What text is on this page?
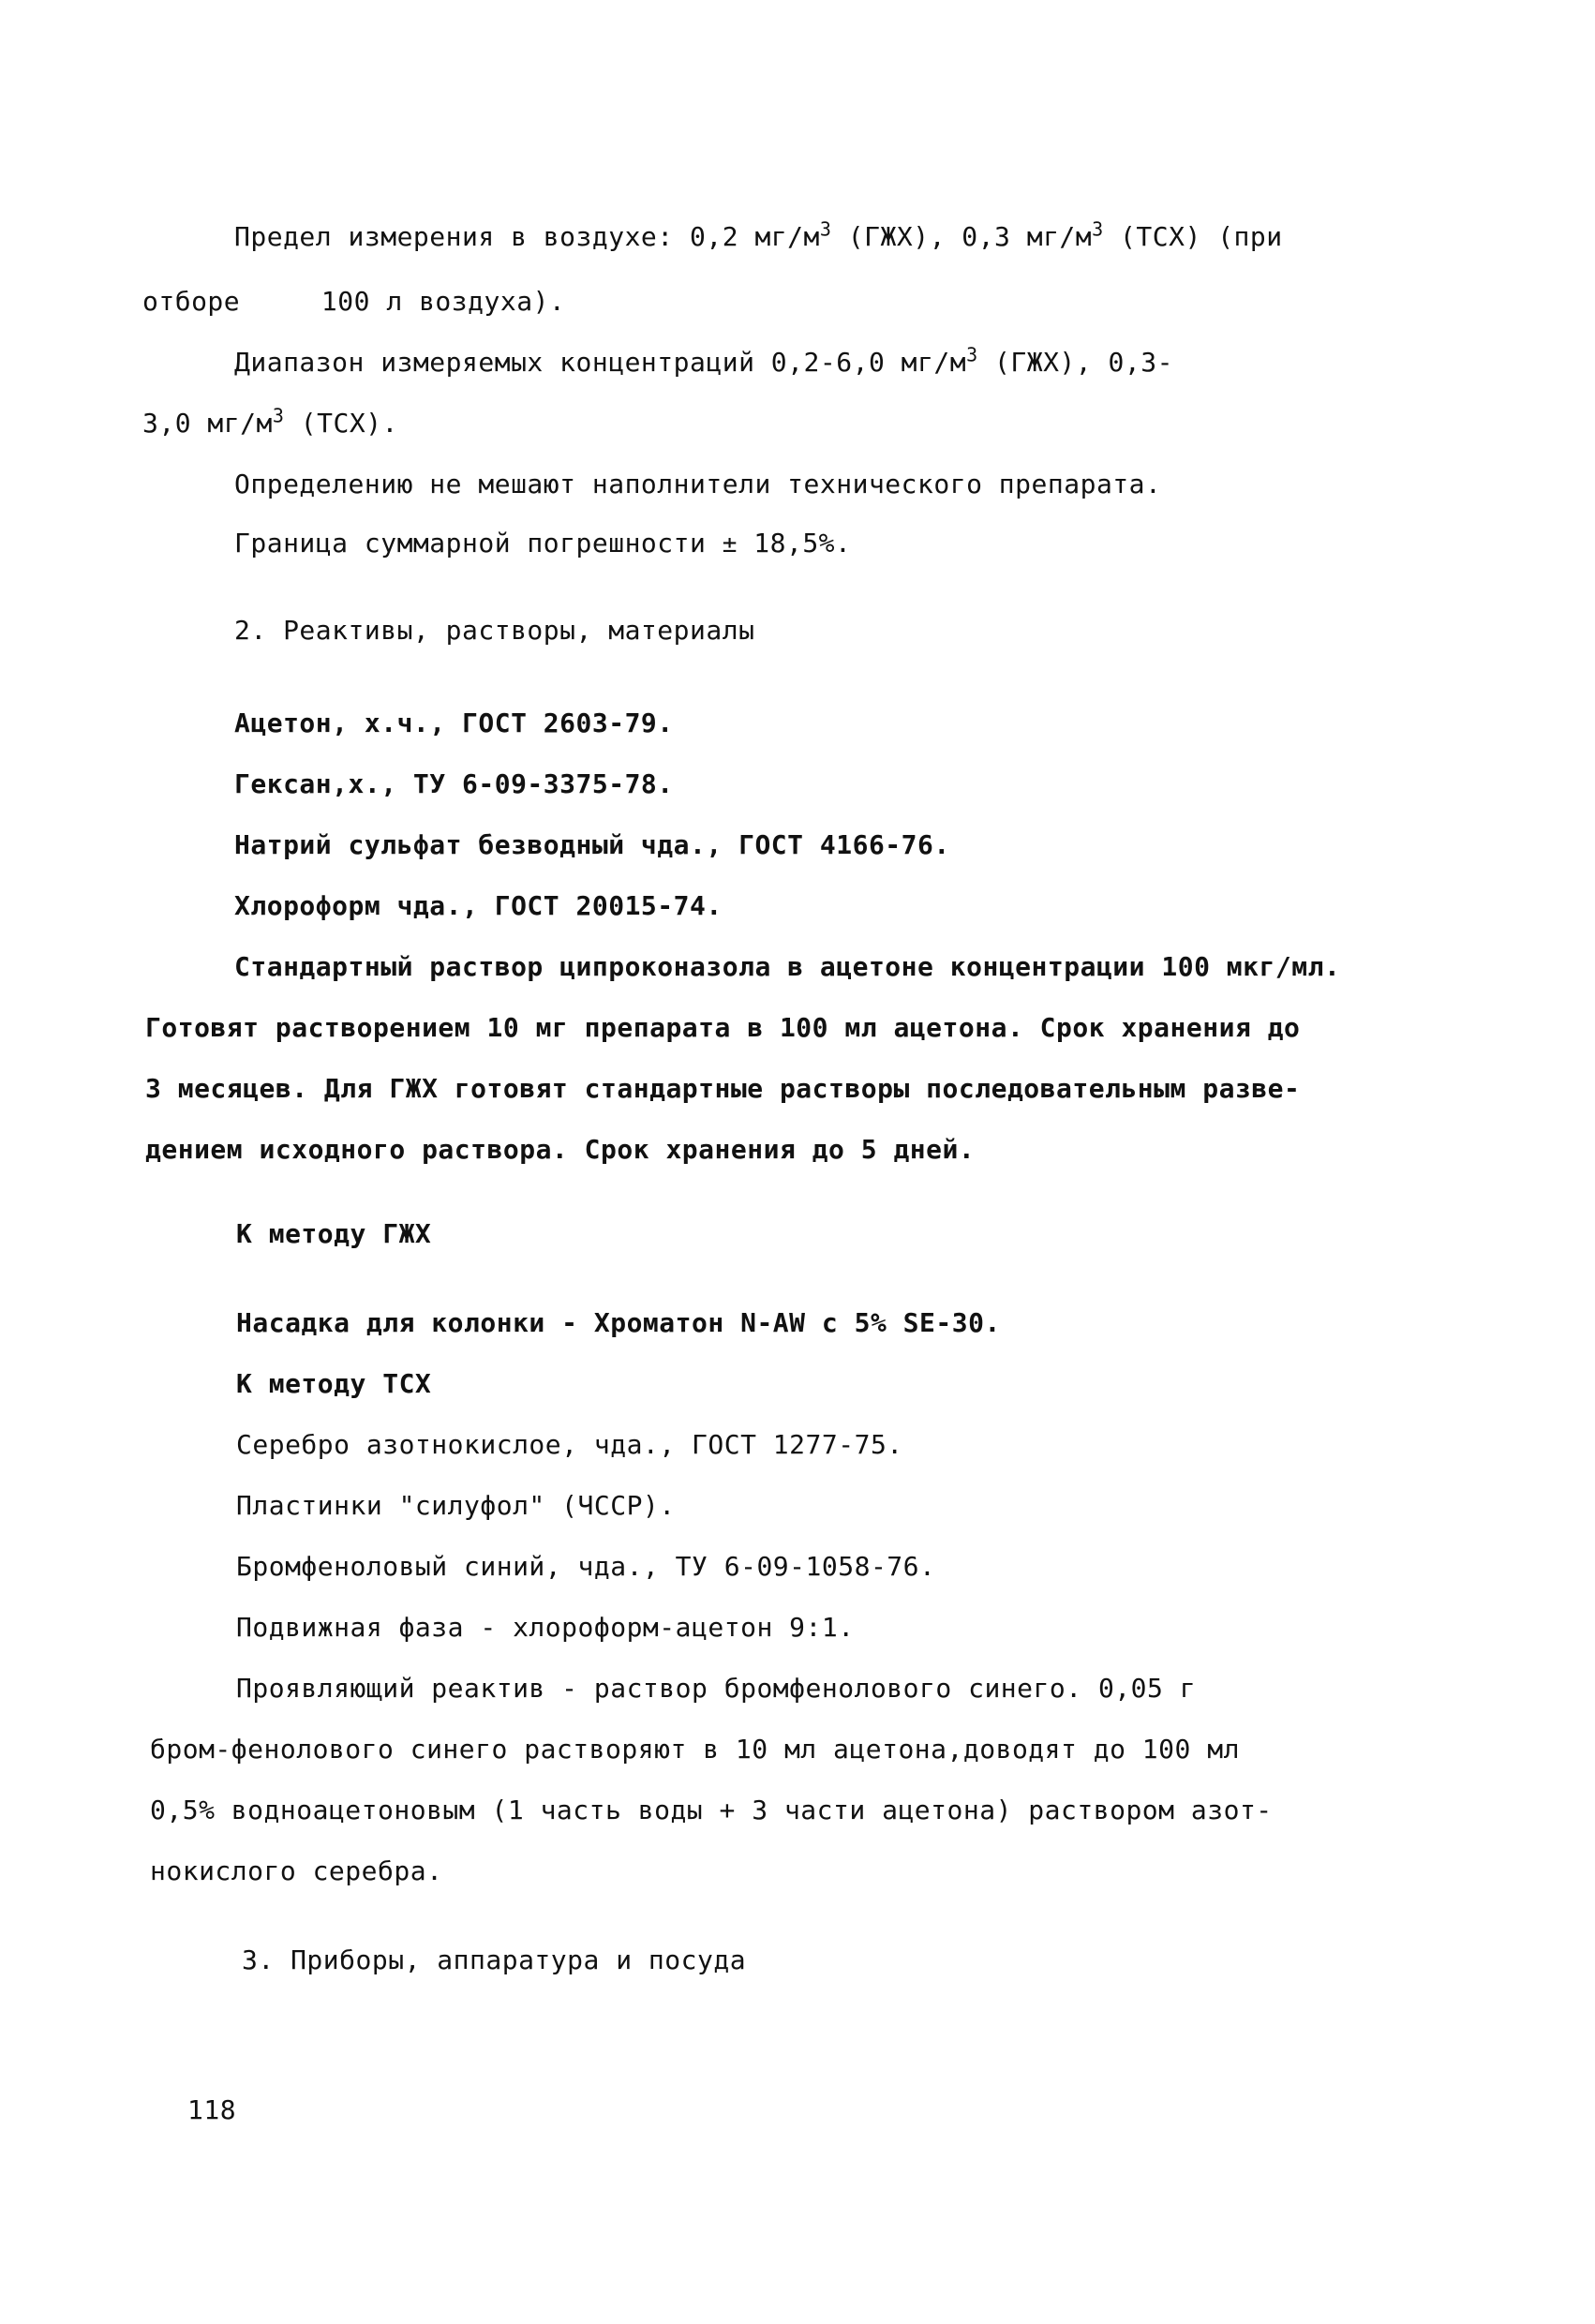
Предел измерения в воздухе: 0,2 $мг/м^3$ (ГЖХ), 0,3 $мг/м^3$ (ТСХ) (при
отборе     100 л воздуха).
Диапазон измеряемых концентраций 0,2-6,0 $мг/м^3$ (ГЖХ), 0,3-
3,0 $мг/м^3$ (ТСХ).
Определению не мешают наполнители технического препарата.
Граница суммарной погрешности ± 18,5%.
2. Реактивы, растворы, материалы
Ацетон, х.ч., ГОСТ 2603-79.
Гексан,х., ТУ 6-09-3375-78.
Натрий сульфат безводный чда., ГОСТ 4166-76.
Хлороформ чда., ГОСТ 20015-74.
Стандартный раствор ципроконазола в ацетоне концентрации 100 мкг/мл.
Готовят растворением 10 мг препарата в 100 мл ацетона. Срок хранения до
3 месяцев. Для ГЖХ готовят стандартные растворы последовательным разве-
дением исходного раствора. Срок хранения до 5 дней.
К методу ГЖХ
Насадка для колонки - Хроматон N-AW с 5% SE-30.
К методу ТСХ
Серебро азотнокислое, чда., ГОСТ 1277-75.
Пластинки "силуфол" (ЧССР).
Бромфеноловый синий, чда., ТУ 6-09-1058-76.
Подвижная фаза - хлороформ-ацетон 9:1.
Проявляющий реактив - раствор бромфенолового синего. 0,05 г
бром-фенолового синего растворяют в 10 мл ацетона,доводят до 100 мл
0,5% водноацетоновым (1 часть воды + 3 части ацетона) раствором азот-
нокислого серебра.
3. Приборы, аппаратура и посуда
118
